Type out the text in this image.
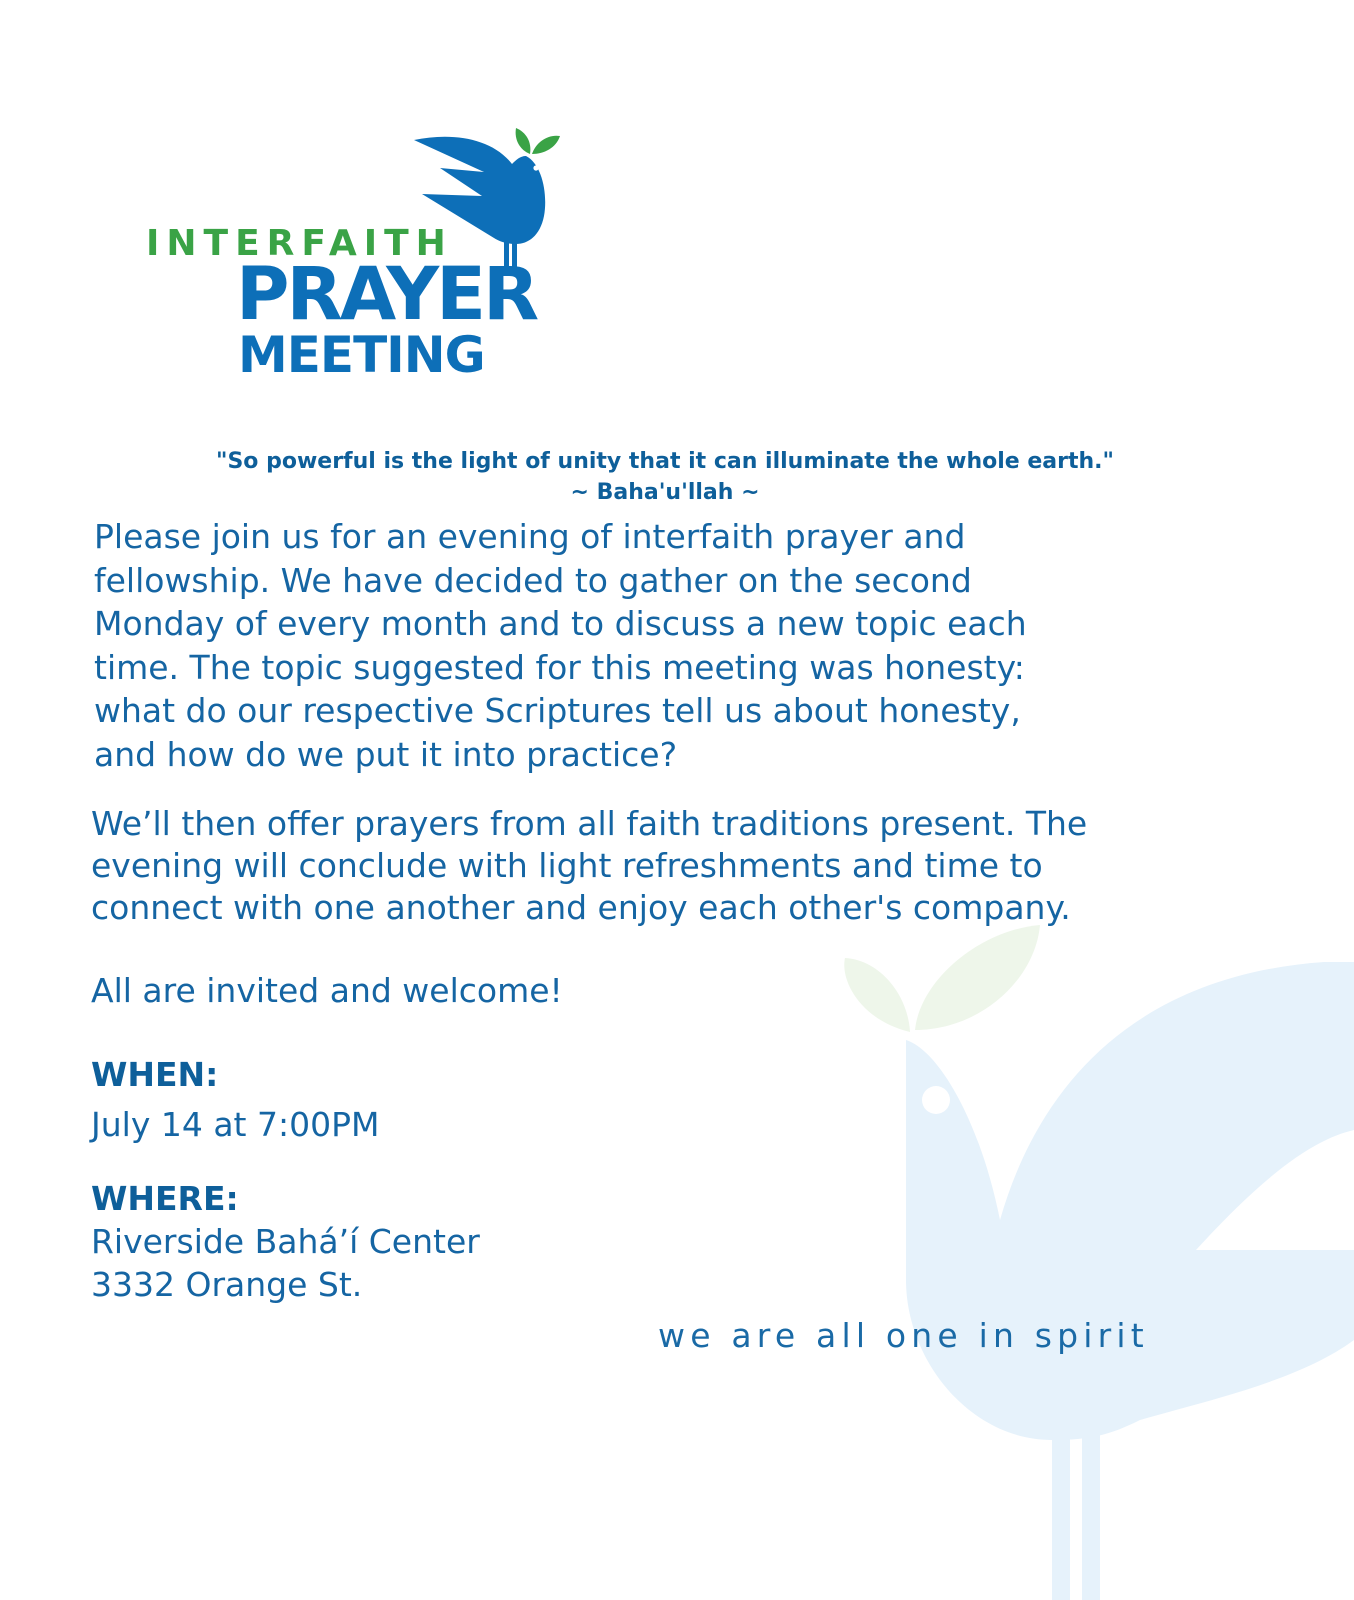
INTERFAITH
PRAYER
MEETING
"So powerful is the light of unity that it can illuminate the whole earth."
~ Baha'u'llah ~
Please join us for an evening of interfaith prayer and
fellowship. We have decided to gather on the second
Monday of every month and to discuss a new topic each
time. The topic suggested for this meeting was honesty:
what do our respective Scriptures tell us about honesty,
and how do we put it into practice?
We’ll then offer prayers from all faith traditions present. The
evening will conclude with light refreshments and time to
connect with one another and enjoy each other's company.
All are invited and welcome!
WHEN:
July 14 at 7:00PM
WHERE:
Riverside Bahá’í Center
3332 Orange St.
we are all one in spirit
